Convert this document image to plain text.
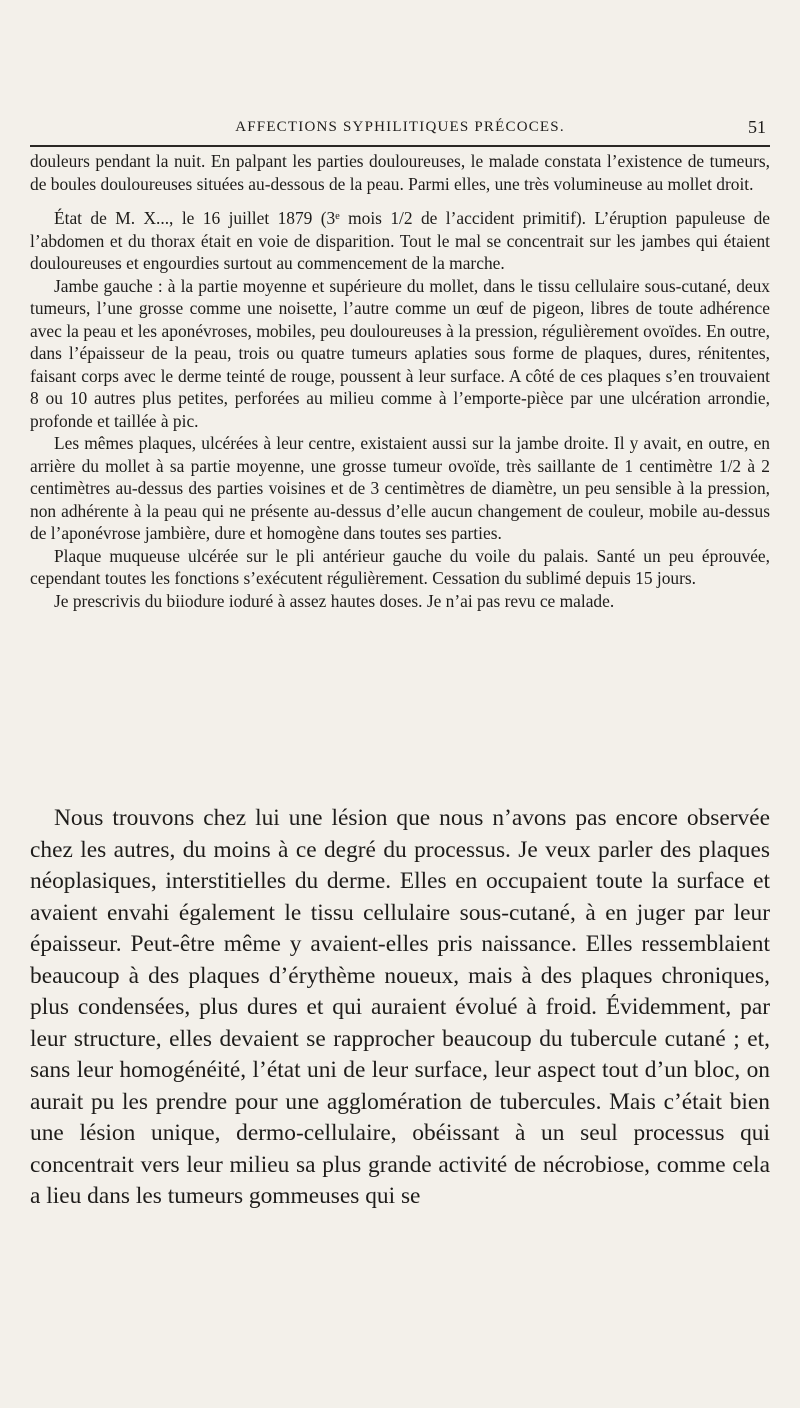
AFFECTIONS SYPHILITIQUES PRÉCOCES.	51

douleurs pendant la nuit. En palpant les parties douloureuses, le malade constata l’existence de tumeurs, de boules douloureuses situées au-dessous de la peau. Parmi elles, une très volumineuse au mollet droit.

État de M. X..., le 16 juillet 1879 (3ᵉ mois 1/2 de l’accident primitif). L’éruption papuleuse de l’abdomen et du thorax était en voie de disparition. Tout le mal se concentrait sur les jambes qui étaient douloureuses et engourdies surtout au commencement de la marche.

Jambe gauche : à la partie moyenne et supérieure du mollet, dans le tissu cellulaire sous-cutané, deux tumeurs, l’une grosse comme une noisette, l’autre comme un œuf de pigeon, libres de toute adhérence avec la peau et les aponévroses, mobiles, peu douloureuses à la pression, régulièrement ovoïdes. En outre, dans l’épaisseur de la peau, trois ou quatre tumeurs aplaties sous forme de plaques, dures, rénitentes, faisant corps avec le derme teinté de rouge, poussent à leur surface. A côté de ces plaques s’en trouvaient 8 ou 10 autres plus petites, perforées au milieu comme à l’emporte-pièce par une ulcération arrondie, profonde et taillée à pic.

Les mêmes plaques, ulcérées à leur centre, existaient aussi sur la jambe droite. Il y avait, en outre, en arrière du mollet à sa partie moyenne, une grosse tumeur ovoïde, très saillante de 1 centimètre 1/2 à 2 centimètres au-dessus des parties voisines et de 3 centimètres de diamètre, un peu sensible à la pression, non adhérente à la peau qui ne présente au-dessus d’elle aucun changement de couleur, mobile au-dessus de l’aponévrose jambière, dure et homogène dans toutes ses parties.

Plaque muqueuse ulcérée sur le pli antérieur gauche du voile du palais. Santé un peu éprouvée, cependant toutes les fonctions s’exécutent régulièrement. Cessation du sublimé depuis 15 jours.

Je prescrivis du biiodure ioduré à assez hautes doses. Je n’ai pas revu ce malade.

Nous trouvons chez lui une lésion que nous n’avons pas encore observée chez les autres, du moins à ce degré du processus. Je veux parler des plaques néoplasiques, interstitielles du derme. Elles en occupaient toute la surface et avaient envahi également le tissu cellulaire sous-cutané, à en juger par leur épaisseur. Peut-être même y avaient-elles pris naissance. Elles ressemblaient beaucoup à des plaques d’érythème noueux, mais à des plaques chroniques, plus condensées, plus dures et qui auraient évolué à froid. Évidemment, par leur structure, elles devaient se rapprocher beaucoup du tubercule cutané ; et, sans leur homogénéité, l’état uni de leur surface, leur aspect tout d’un bloc, on aurait pu les prendre pour une agglomération de tubercules. Mais c’était bien une lésion unique, dermo-cellulaire, obéissant à un seul processus qui concentrait vers leur milieu sa plus grande activité de nécrobiose, comme cela a lieu dans les tumeurs gommeuses qui se
